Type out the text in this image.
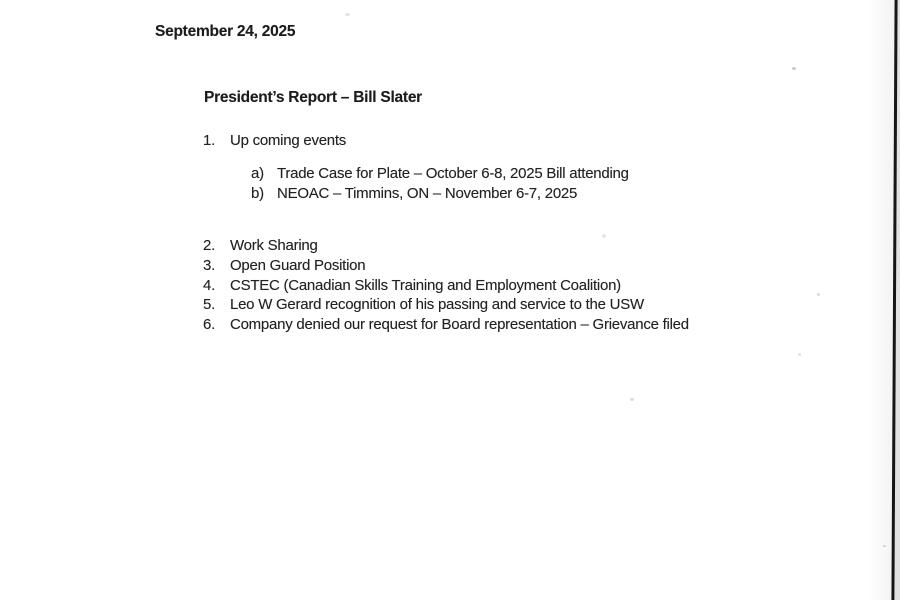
September 24, 2025
President’s Report – Bill Slater
1. Up coming events
a) Trade Case for Plate – October 6-8, 2025 Bill attending
b) NEOAC – Timmins, ON – November 6-7, 2025
2. Work Sharing
3. Open Guard Position
4. CSTEC (Canadian Skills Training and Employment Coalition)
5. Leo W Gerard recognition of his passing and service to the USW
6. Company denied our request for Board representation – Grievance filed
